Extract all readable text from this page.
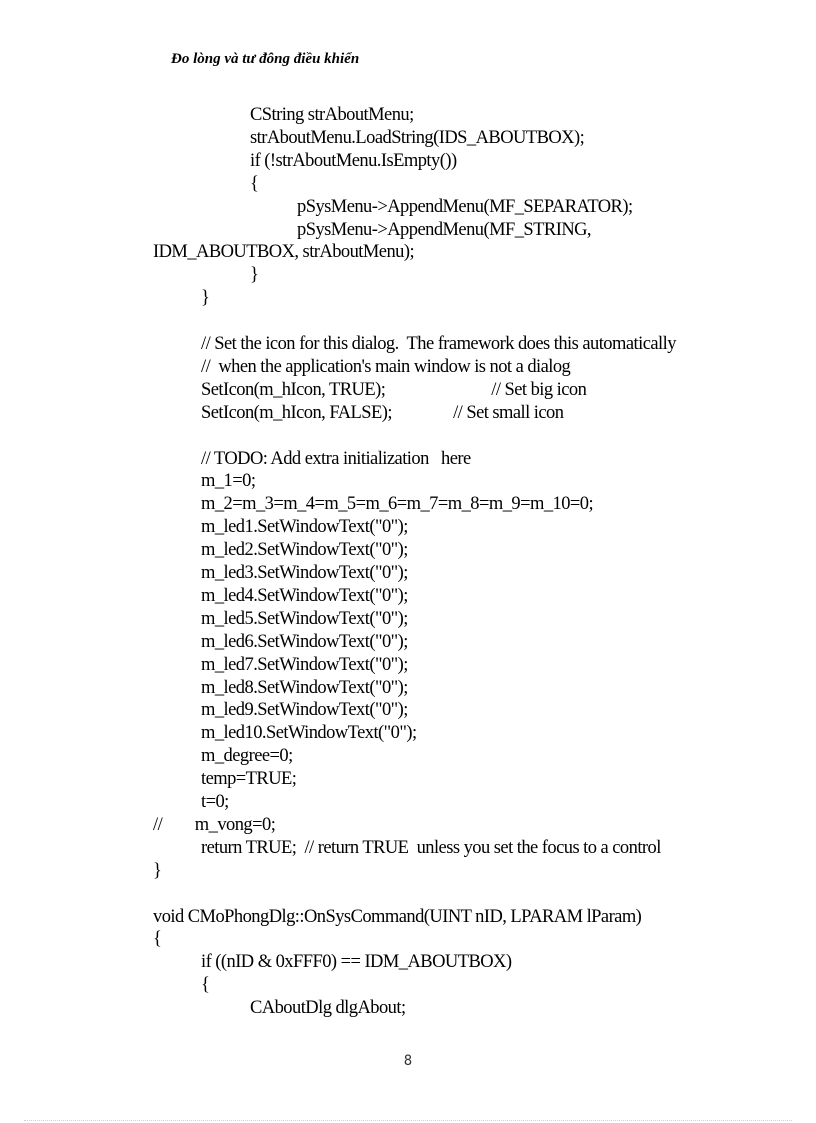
Đo lòng và tư đông điều khiển
CString strAboutMenu;
strAboutMenu.LoadString(IDS_ABOUTBOX);
if (!strAboutMenu.IsEmpty())
{
pSysMenu->AppendMenu(MF_SEPARATOR);
pSysMenu->AppendMenu(MF_STRING,
IDM_ABOUTBOX, strAboutMenu);
}
}
// Set the icon for this dialog.  The framework does this automatically
//  when the application's main window is not a dialog
SetIcon(m_hIcon, TRUE);                          // Set big icon
SetIcon(m_hIcon, FALSE);               // Set small icon
// TODO: Add extra initialization   here
m_1=0;
m_2=m_3=m_4=m_5=m_6=m_7=m_8=m_9=m_10=0;
m_led1.SetWindowText("0");
m_led2.SetWindowText("0");
m_led3.SetWindowText("0");
m_led4.SetWindowText("0");
m_led5.SetWindowText("0");
m_led6.SetWindowText("0");
m_led7.SetWindowText("0");
m_led8.SetWindowText("0");
m_led9.SetWindowText("0");
m_led10.SetWindowText("0");
m_degree=0;
temp=TRUE;
t=0;
//        m_vong=0;
return TRUE;  // return TRUE  unless you set the focus to a control
}
void CMoPhongDlg::OnSysCommand(UINT nID, LPARAM lParam)
{
if ((nID & 0xFFF0) == IDM_ABOUTBOX)
{
CAboutDlg dlgAbout;
8
